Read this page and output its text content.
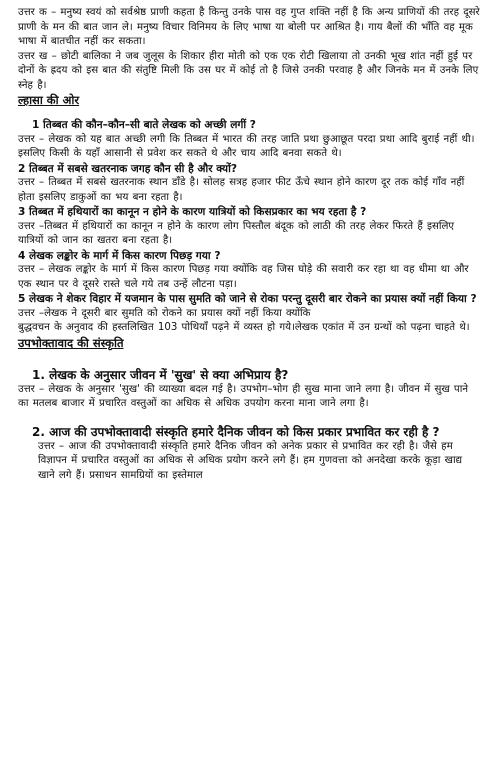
उत्तर क – मनुष्य स्वयं को सर्वश्रेष्ठ प्राणी कहता है किन्तु उनके पास वह गुप्त शक्ति नहीं है कि अन्य प्राणियों की तरह दूसरे प्राणी के मन की बात जान ले। मनुष्य विचार विनिमय के लिए भाषा या बोली पर आश्रित है। गाय बैलों की भाँति वह मूक भाषा में बातचीत नहीं कर सकता।

उत्तर ख – छोटी बालिका ने जब जुलूस के शिकार हीरा मोती को एक एक रोटी खिलाया तो उनकी भूख शांत नहीं हुई पर दोनों के ह्रदय को इस बात की संतुष्टि मिली कि उस घर में कोई तो है जिसे उनकी परवाह है और जिनके मन में उनके लिए स्नेह है।

ल्हासा की ओर

1 तिब्बत की कौन–कौन–सी बाते लेखक को अच्छी लगीं ?

उत्तर – लेखक को यह बात अच्छी लगी कि तिब्बत में भारत की तरह जाति प्रथा छुआछूत परदा प्रथा आदि बुराई नहीं थी। इसलिए किसी के यहाँ आसानी से प्रवेश कर सकते थे और चाय आदि बनवा सकते थे।

2 तिब्बत में सबसे खतरनाक जगह कौन सी है और क्यों?

उत्तर – तिब्बत में सबसे खतरनाक स्थान डाँडे है। सोलह सत्रह हजार फीट ऊँचे स्थान होने कारण दूर तक कोई गाँव नहीं होता इसलिए डाकुओं का भय बना रहता है।

3 तिब्बत में हथियारों का कानून न होने के कारण यात्रियों को किसप्रकार का भय रहता है ?

उत्तर –तिब्बत में हथियारों का कानून न होने के कारण लोग पिस्तौल बंदूक को लाठी की तरह लेकर फिरते हैं इसलिए यात्रियों को जान का खतरा बना रहता है।

4 लेखक लङ्कोर के मार्ग में किस कारण पिछड़ गया ?

उत्तर – लेखक लङ्कोर के मार्ग में किस कारण पिछड़ गया क्योंकि वह जिस घोड़े की सवारी कर रहा था वह धीमा था और एक स्थान पर वे दूसरे रास्ते चले गये तब उन्हें लौटना पड़ा।

5 लेखक ने शेकर विहार में यजमान के पास सुमति को जाने से रोका परन्तु दूसरी बार रोकने का प्रयास क्यों नहीं किया ?

उत्तर –लेखक ने दूसरी बार सुमति को रोकने का प्रयास क्यों नहीं किया क्योंकि

बुद्धवचन के अनुवाद की हस्तलिखित 103 पोथियाँ पढ़ने में व्यस्त हो गये।लेखक एकांत में उन ग्रन्थों को पढ़ना चाहते थे।

उपभोक्तावाद की संस्कृति

1. लेखक के अनुसार जीवन में 'सुख' से क्या अभिप्राय है?

उत्तर – लेखक के अनुसार 'सुख' की व्याख्या बदल गई है। उपभोग–भोग ही सुख माना जाने लगा है। जीवन में सुख पाने का मतलब बाजार में प्रचारित वस्तुओं का अधिक से अधिक उपयोग करना माना जाने लगा है।

2. आज की उपभोक्तावादी संस्कृति हमारे दैनिक जीवन को किस प्रकार प्रभावित कर रही है ?

उत्तर – आज की उपभोक्तावादी संस्कृति हमारे दैनिक जीवन को अनेक प्रकार से प्रभावित कर रही है। जैसे हम विज्ञापन में प्रचारित वस्तुओं का अधिक से अधिक प्रयोग करने लगे हैं। हम गुणवत्ता को अनदेखा करके कूड़ा खाद्य खाने लगे हैं। प्रसाधन सामग्रियों का इस्तेमाल
